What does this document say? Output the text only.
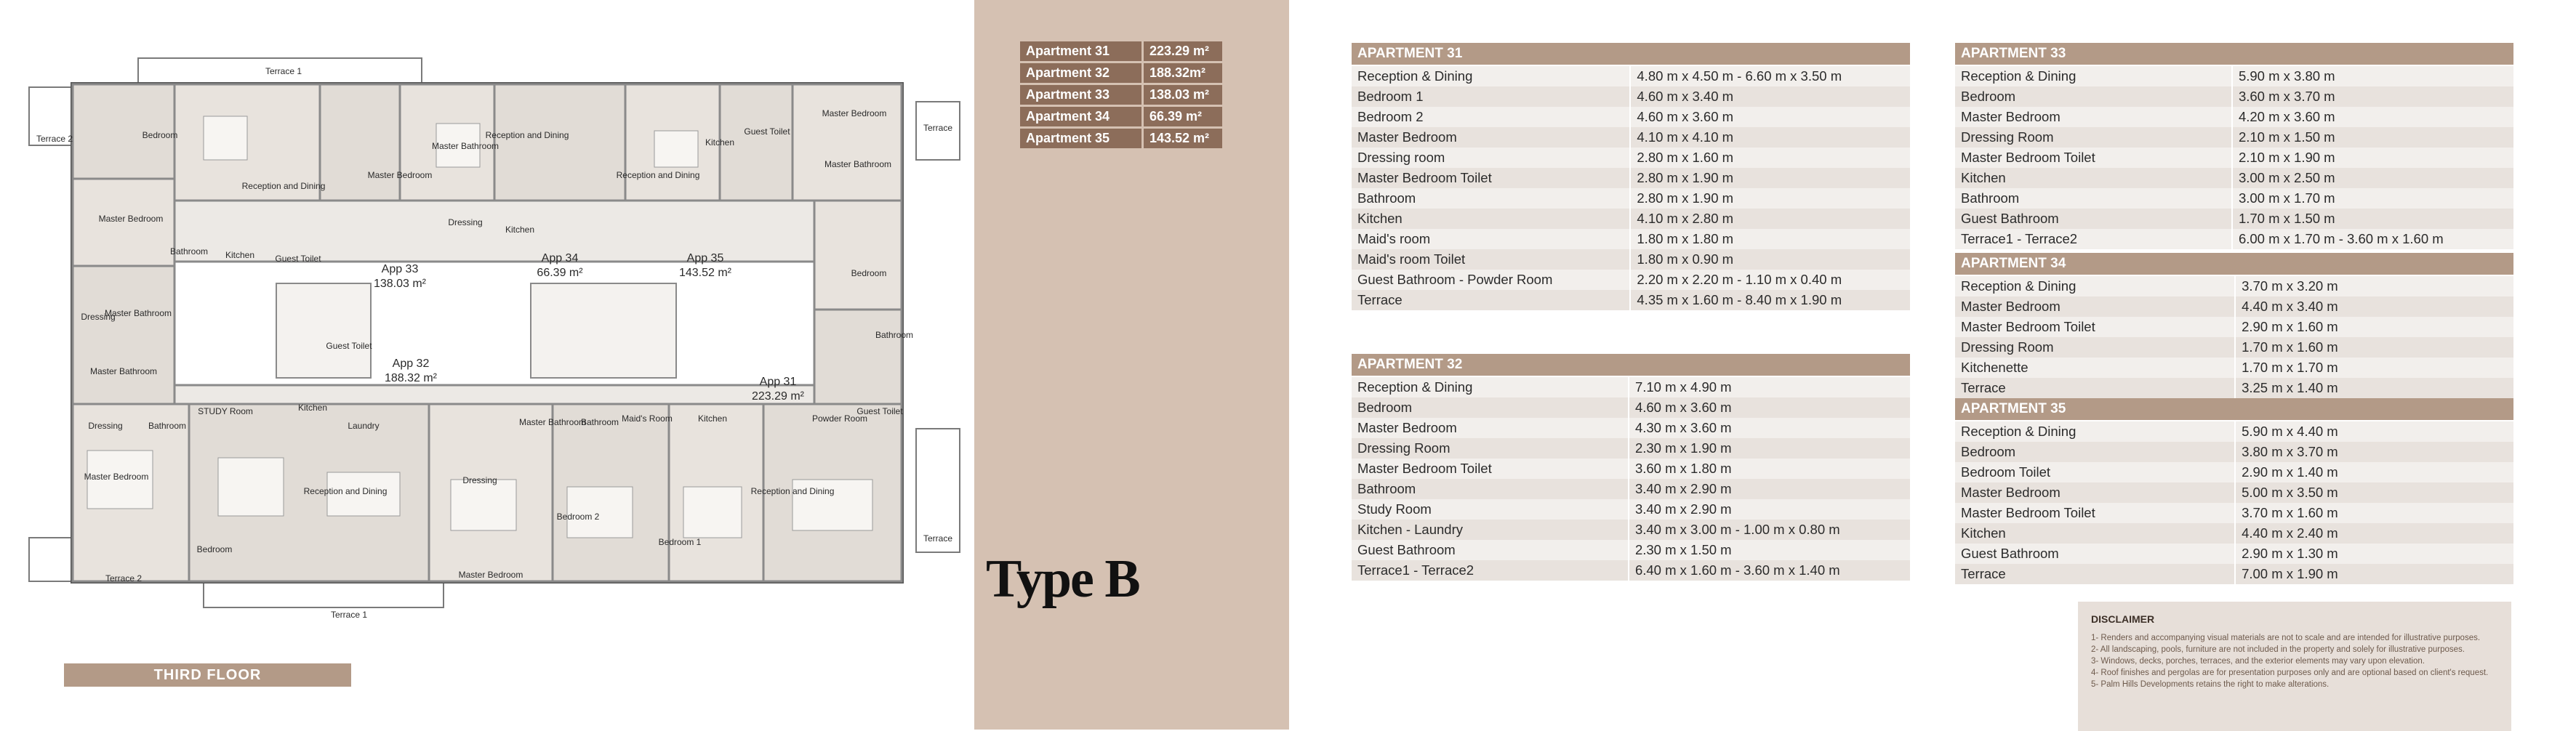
Terrace 1
Terrace 2	Bedroom
Reception and Dining
Master Bedroom
Master Bathroom
Reception and Dining
Dressing
Kitchen
Reception and Dining
Kitchen
Guest Toilet
Master Bedroom
Master Bathroom
Terrace
Master Bedroom
Bathroom Kitchen Guest Toilet
Dressing
Master Bathroom
Guest Toilet
Master Bathroom
STUDY Room	Kitchen
Laundry
Dressing	Bathroom
Bedroom
Bathroom
Master Bathroom
Bathroom Maid's Room	Kitchen	Powder Room
Guest Toilet
Master Bedroom
Bedroom
Reception and Dining
Dressing
Master Bedroom
Bedroom 2
Bedroom 1
Reception and Dining
Terrace
Terrace 2
Terrace 1
App 33
138.03 m²
App 34
66.39 m²
App 35
143.52 m²
App 32
188.32 m²	App 31
223.29 m²
THIRD FLOOR
Apartment 31	223.29 m²
Apartment 32	188.32m²
Apartment 33	138.03 m²
Apartment 34	66.39 m²
Apartment 35	143.52 m²
Type B
APARTMENT 31	
Reception & Dining	4.80 m x 4.50 m - 6.60 m x 3.50 m
Bedroom 1	4.60 m x 3.40 m
Bedroom 2	4.60 m x 3.60 m
Master Bedroom	4.10 m x 4.10 m
Dressing room	2.80 m x 1.60 m
Master Bedroom Toilet	2.80 m x 1.90 m
Bathroom	2.80 m x 1.90 m
Kitchen	4.10 m x 2.80 m
Maid's room	1.80 m x 1.80 m
Maid's room Toilet	1.80 m x 0.90 m
Guest Bathroom - Powder Room	2.20 m x 2.20 m - 1.10 m x 0.40 m
Terrace	4.35 m x 1.60 m - 8.40 m x 1.90 m
APARTMENT 32	
Reception & Dining	7.10 m x 4.90 m
Bedroom	4.60 m x 3.60 m
Master Bedroom	4.30 m x 3.60 m
Dressing Room	2.30 m x 1.90 m
Master Bedroom Toilet	3.60 m x 1.80 m
Bathroom	3.40 m x 2.90 m
Study Room	3.40 m x 2.90 m
Kitchen - Laundry	3.40 m x 3.00 m - 1.00 m x 0.80 m
Guest Bathroom	2.30 m x 1.50 m
Terrace1 - Terrace2	6.40 m x 1.60 m - 3.60 m x 1.40 m
APARTMENT 33	
Reception & Dining	5.90 m x 3.80 m
Bedroom	3.60 m x 3.70 m
Master Bedroom	4.20 m x 3.60 m
Dressing Room	2.10 m x 1.50 m
Master Bedroom Toilet	2.10 m x 1.90 m
Kitchen	3.00 m x 2.50 m
Bathroom	3.00 m x 1.70 m
Guest Bathroom	1.70 m x 1.50 m
Terrace1 - Terrace2	6.00 m x 1.70 m - 3.60 m x 1.60 m
APARTMENT 34	
Reception & Dining	3.70 m x 3.20 m
Master Bedroom	4.40 m x 3.40 m
Master Bedroom Toilet	2.90 m x 1.60 m
Dressing Room	1.70 m x 1.60 m
Kitchenette	1.70 m x 1.70 m
Terrace	3.25 m x 1.40 m
APARTMENT 35	
Reception & Dining	5.90 m x 4.40 m
Bedroom	3.80 m x 3.70 m
Bedroom Toilet	2.90 m x 1.40 m
Master Bedroom	5.00 m x 3.50 m
Master Bedroom Toilet	3.70 m x 1.60 m
Kitchen	4.40 m x 2.40 m
Guest Bathroom	2.90 m x 1.30 m
Terrace	7.00 m x 1.90 m
DISCLAIMER
1- Renders and accompanying visual materials are not to scale and are intended for illustrative purposes.
2- All landscaping, pools, furniture are not included in the property and solely for illustrative purposes.
3- Windows, decks, porches, terraces, and the exterior elements may vary upon elevation.
4- Roof finishes and pergolas are for presentation purposes only and are optional based on client's request.
5- Palm Hills Developments retains the right to make alterations.
